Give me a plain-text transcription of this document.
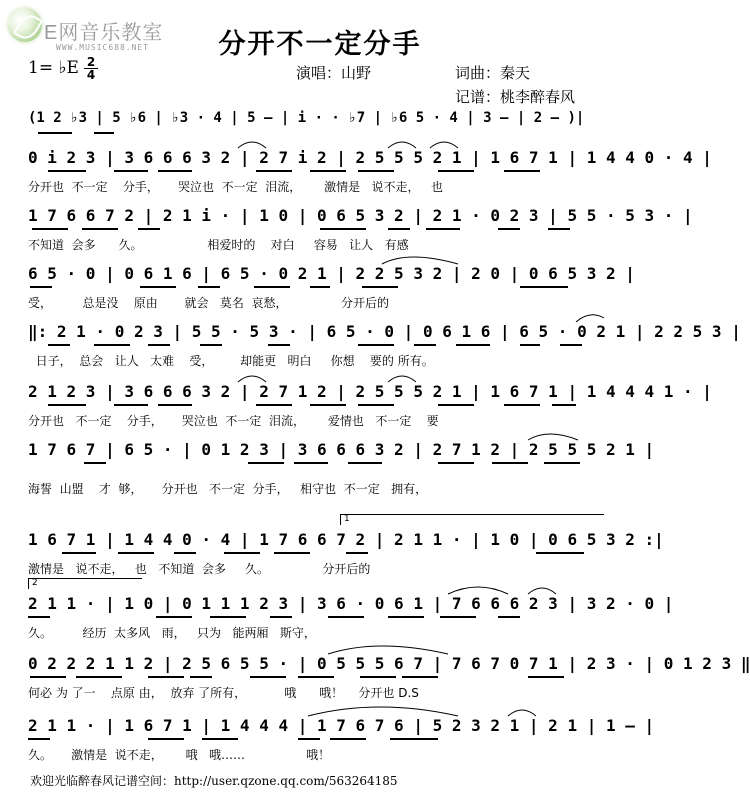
E网音乐教室
WWW.MUSIC688.NET	分开不一定分手
1= ♭E $\frac{2}{4}$	演唱：山野	词曲：秦天
记谱：桃李醉春风
(1 2 ♭3 | 5 ♭6 | ♭3 · 4 | 5 – | i · · ♭7 | ♭6 5 · 4 | 3 – | 2 – )|
0 i 2 3 | 3 6 6 6 3 2 | 2 7 i 2 | 2 5 5 5 2 1 | 1 6 7 1 | 1 4 4 0 · 4 |
分开也  不一定    分手，     哭泣也  不一定  泪流，      激情是   说不走，   也
1 7 6 6 7 2 | 2 1 i · | 1 0 | 0 6 5 3 2 | 2 1 · 0 2 3 | 5 5 · 5 3 · |
不知道  会多      久。                 相爱时的    对白     容易   让人   有感
6 5 · 0 | 0 6 1 6 | 6 5 · 0 2 1 | 2 2 5 3 2 | 2 0 | 0 6 5 3 2 |
受，        总是没    原由       就会   莫名  哀愁，              分开后的
‖: 2 1 · 0 2 3 | 5 5 · 5 3 · | 6 5 · 0 | 0 6 1 6 | 6 5 · 0 2 1 | 2 2 5 3 |
日子，  总会   让人   太难    受，       却能更   明白     你想    要的 所有。
2 1 2 3 | 3 6 6 6 3 2 | 2 7 1 2 | 2 5 5 5 2 1 | 1 6 7 1 | 1 4 4 4 1 · |
分开也   不一定    分手，     哭泣也  不一定  泪流，      爱情也   不一定    要
1 7 6 7 | 6 5 · | 0 1 2 3 | 3 6 6 6 3 2 | 2 7 1 2 | 2 5 5 5 2 1 |
海誓  山盟    才  够，     分开也   不一定  分手，   相守也  不一定   拥有，
1
1 6 7 1 | 1 4 4 0 · 4 | 1 7 6 6 7 2 | 2 1 1 · | 1 0 | 0 6 5 3 2 :|
激情是   说不走，   也   不知道  会多     久。              分开后的
2
2 1 1 · | 1 0 | 0 1 1 1 2 3 | 3 6 · 0 6 1 | 7 6 6 6 2 3 | 3 2 · 0 |
久。        经历  太多风   雨，   只为   能两厢   斯守，
0 2 2 2 1 1 2 | 2 5 6 5 5 · | 0 5 5 5 6 7 | 7 6 7 0 7 1 | 2 3 · | 0 1 2 3 ‖
何必 为 了一    点原 由，  放弃 了所有，          哦      哦！    分开也 D.S
2 1 1 · | 1 6 7 1 | 1 4 4 4 | 1 7 6 7 6 | 5 2 3 2 1 | 2 1 | 1 – |
久。     激情是  说不走，      哦   哦……                哦！
欢迎光临醉春风记谱空间：http://user.qzone.qq.com/563264185
